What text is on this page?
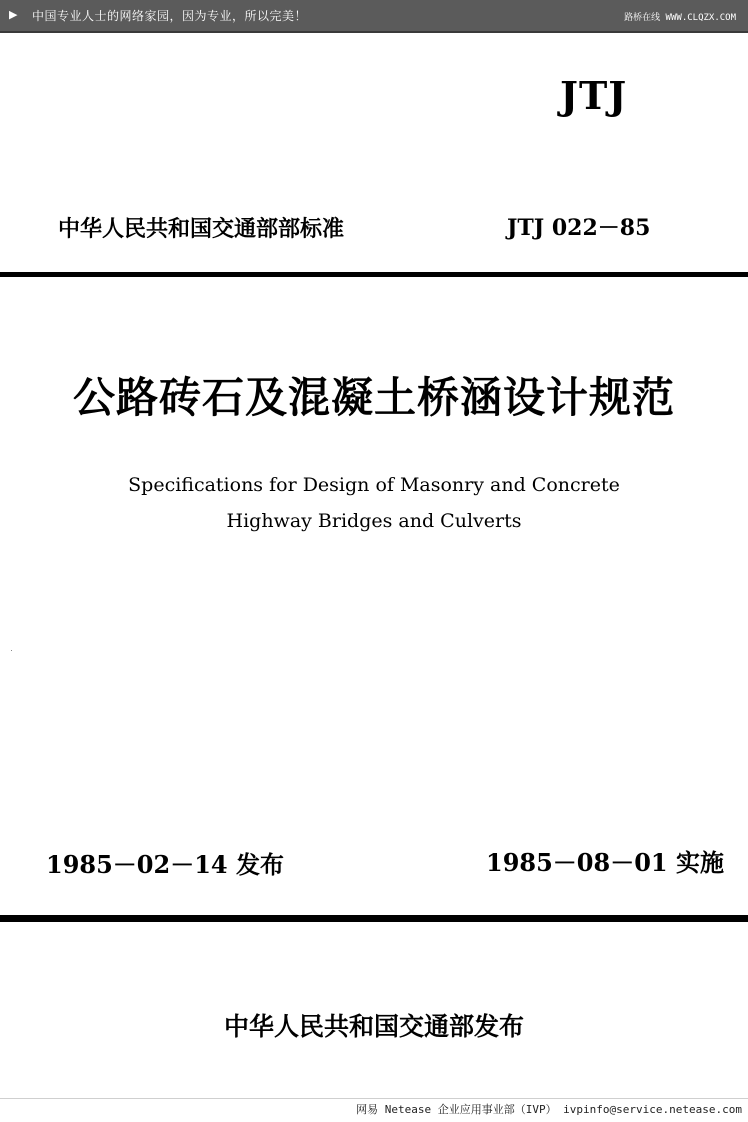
▶ 中国专业人士的网络家园，因为专业，所以完美！	路桥在线 WWW.CLQZX.COM
JTJ
中华人民共和国交通部部标准	JTJ 022－85
公路砖石及混凝土桥涵设计规范
Specifications for Design of Masonry and Concrete
Highway Bridges and Culverts
1985－02－14 发布	1985－08－01 实施
中华人民共和国交通部发布
网易 Netease 企业应用事业部（IVP） ivpinfo@service.netease.com
